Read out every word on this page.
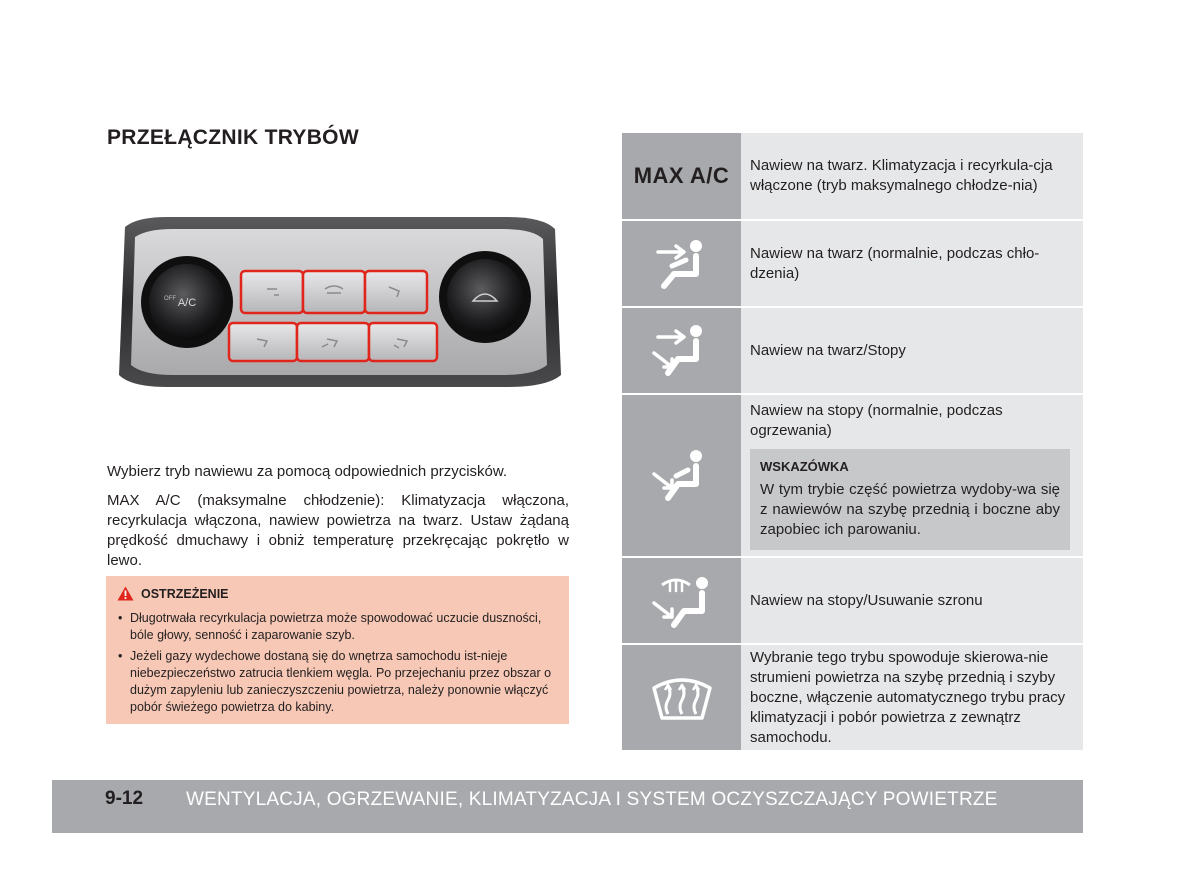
PRZEŁĄCZNIK TRYBÓW
A/C
OFF

Wybierz tryb nawiewu za pomocą odpowiednich przycisków.

MAX A/C (maksymalne chłodzenie): Klimatyzacja włączona, recyrkulacja włączona, nawiew powietrza na twarz. Ustaw żądaną prędkość dmuchawy i obniż temperaturę przekręcając pokrętło w lewo.

OSTRZEŻENIE
• Długotrwała recyrkulacja powietrza może spowodować uczucie duszności, bóle głowy, senność i zaparowanie szyb.
• Jeżeli gazy wydechowe dostaną się do wnętrza samochodu ist-nieje niebezpieczeństwo zatrucia tlenkiem węgla. Po przejechaniu przez obszar o dużym zapyleniu lub zanieczyszczeniu powietrza, należy ponownie włączyć pobór świeżego powietrza do kabiny.
MAX A/C	Nawiew na twarz. Klimatyzacja i recyrkula-cja włączone (tryb maksymalnego chłodze-nia)
Nawiew na twarz (normalnie, podczas chło-dzenia)
Nawiew na twarz/Stopy
Nawiew na stopy (normalnie, podczas ogrzewania)
WSKAZÓWKA
W tym trybie część powietrza wydoby-wa się z nawiewów na szybę przednią i boczne aby zapobiec ich parowaniu.
Nawiew na stopy/Usuwanie szronu
Wybranie tego trybu spowoduje skierowa-nie strumieni powietrza na szybę przednią i szyby boczne, włączenie automatycznego trybu pracy klimatyzacji i pobór powietrza z zewnątrz samochodu.
9-12 WENTYLACJA, OGRZEWANIE, KLIMATYZACJA I SYSTEM OCZYSZCZAJĄCY POWIETRZE
